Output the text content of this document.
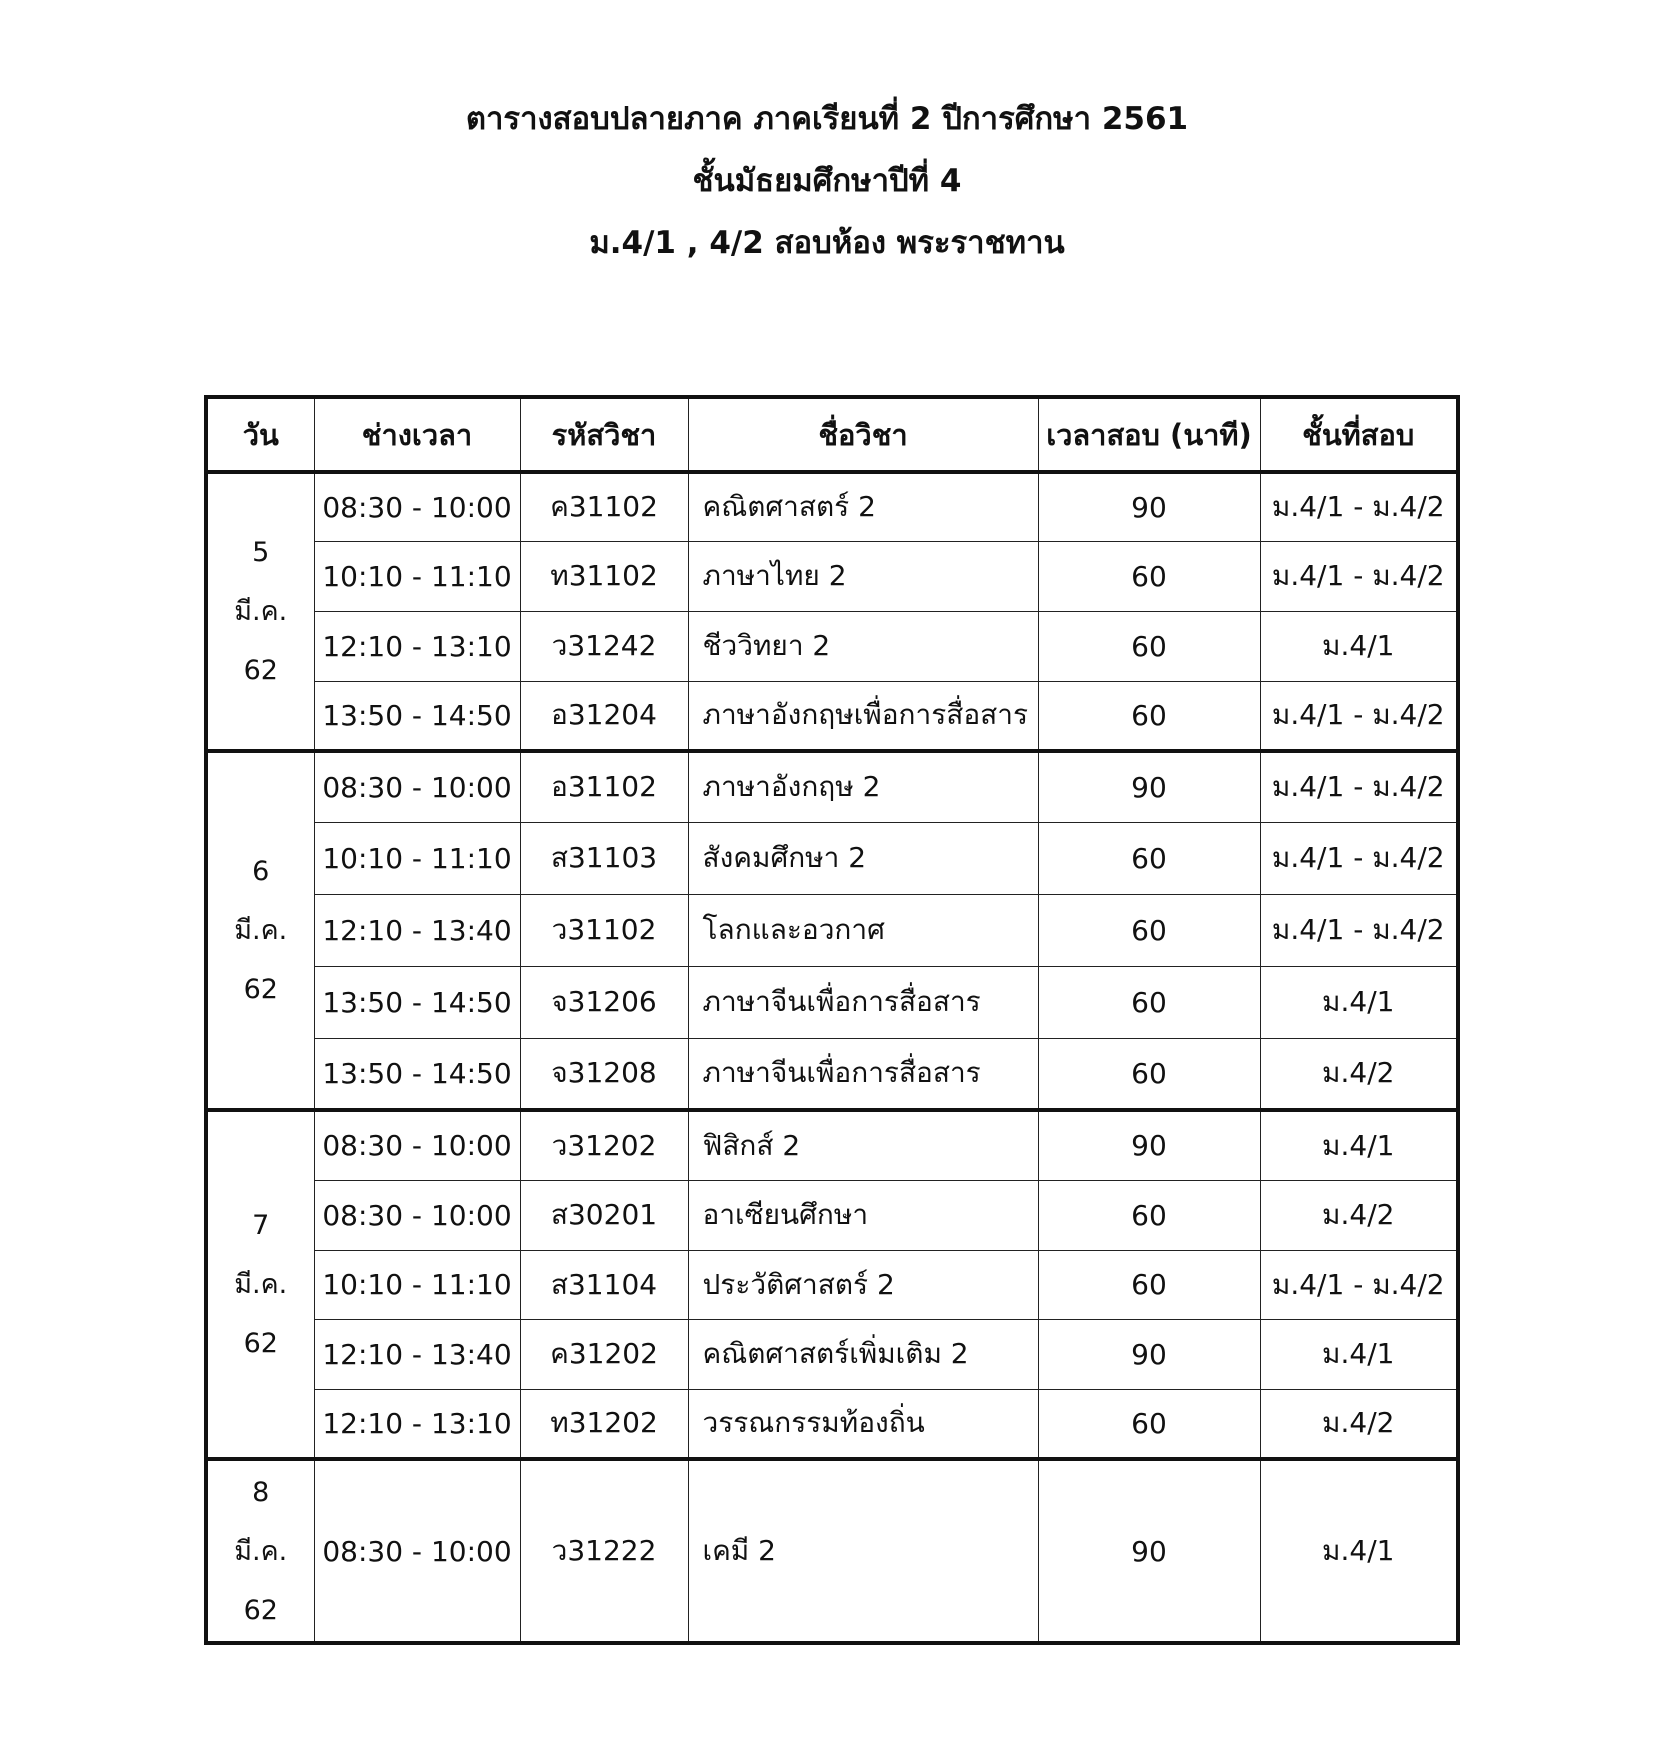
ตารางสอบปลายภาค ภาคเรียนที่ 2 ปีการศึกษา 2561
ชั้นมัธยมศึกษาปีที่ 4
ม.4/1 , 4/2 สอบห้อง พระราชทาน
วัน	ช่างเวลา	รหัสวิชา	ชื่อวิชา	เวลาสอบ (นาที)	ชั้นที่สอบ

5
มี.ค.
62	08:30 - 10:00	ค31102	คณิตศาสตร์ 2	90	ม.4/1 - ม.4/2
	10:10 - 11:10	ท31102	ภาษาไทย 2	60	ม.4/1 - ม.4/2
	12:10 - 13:10	ว31242	ชีววิทยา 2	60	ม.4/1
	13:50 - 14:50	อ31204	ภาษาอังกฤษเพื่อการสื่อสาร	60	ม.4/1 - ม.4/2

6
มี.ค.
62	08:30 - 10:00	อ31102	ภาษาอังกฤษ 2	90	ม.4/1 - ม.4/2
	10:10 - 11:10	ส31103	สังคมศึกษา 2	60	ม.4/1 - ม.4/2
	12:10 - 13:40	ว31102	โลกและอวกาศ	60	ม.4/1 - ม.4/2
	13:50 - 14:50	จ31206	ภาษาจีนเพื่อการสื่อสาร	60	ม.4/1
	13:50 - 14:50	จ31208	ภาษาจีนเพื่อการสื่อสาร	60	ม.4/2

7
มี.ค.
62	08:30 - 10:00	ว31202	ฟิสิกส์ 2	90	ม.4/1
	08:30 - 10:00	ส30201	อาเซียนศึกษา	60	ม.4/2
	10:10 - 11:10	ส31104	ประวัติศาสตร์ 2	60	ม.4/1 - ม.4/2
	12:10 - 13:40	ค31202	คณิตศาสตร์เพิ่มเติม 2	90	ม.4/1
	12:10 - 13:10	ท31202	วรรณกรรมท้องถิ่น	60	ม.4/2

8
มี.ค.
62	08:30 - 10:00	ว31222	เคมี 2	90	ม.4/1
